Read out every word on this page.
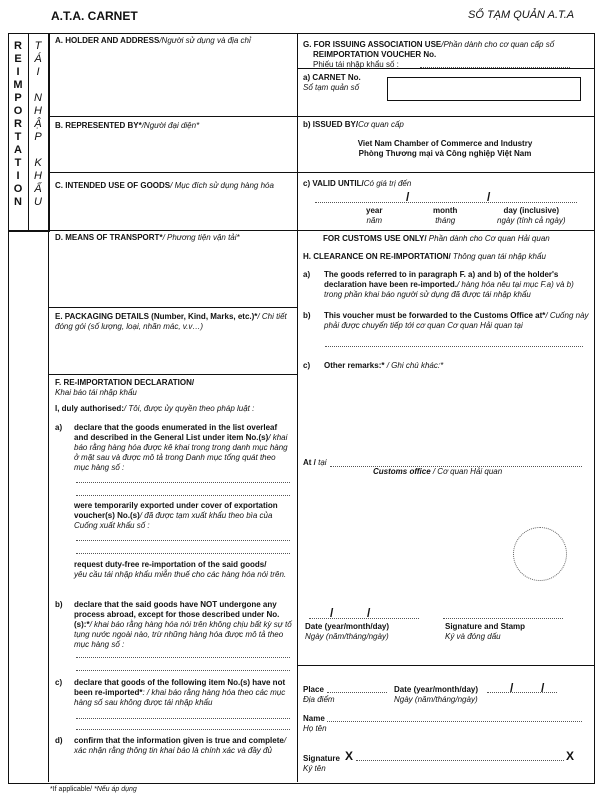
A.T.A. CARNET	SỔ TẠM QUẢN A.T.A
R
E
I
M
P
O
R
T
A
T
I
O
N
T
Á
I

N
H
Ậ
P

K
H
Ẩ
U
A. HOLDER AND ADDRESS/Người sử dụng và địa chỉ
B. REPRESENTED BY*/Người đại diện*
C. INTENDED USE OF GOODS/ Mục đích sử dụng hàng hóa
D. MEANS OF TRANSPORT*/ Phương tiện vận tải*
E. PACKAGING DETAILS (Number, Kind, Marks, etc.)*/ Chi tiết đóng gói (số lượng, loại, nhãn mác, v.v…)
F. RE-IMPORTATION DECLARATION/
Khai báo tái nhập khẩu
I, duly authorised:/ Tôi, được ủy quyền theo pháp luật :
a) declare that the goods enumerated in the list overleaf and described in the General List under item No.(s)/ khai báo rằng hàng hóa được kê khai trong trong danh mục hàng ở mặt sau và được mô tả trong Danh mục tổng quát theo mục hàng số :
were temporarily exported under cover of exportation voucher(s) No.(s)/ đã được tạm xuất khẩu theo bìa của Cuống xuất khẩu số :
request duty-free re-importation of the said goods/
yêu cầu tái nhập khẩu miễn thuế cho các hàng hóa nói trên.
b) declare that the said goods have NOT undergone any process abroad, except for those described under No.(s):*/ khai báo rằng hàng hóa nói trên không chịu bất kỳ sự tố tụng nước ngoài nào, trừ những hàng hóa được mô tả theo mục hàng số :
c) declare that goods of the following item No.(s) have not been re-imported*: / khai báo rằng hàng hóa theo các mục hàng số sau không được tái nhập khẩu
d) confirm that the information given is true and complete/ xác nhận rằng thông tin khai báo là chính xác và đầy đủ
G. FOR ISSUING ASSOCIATION USE/Phần dành cho cơ quan cấp sổ
REIMPORTATION VOUCHER No.
Phiếu tái nhập khẩu số :
a) CARNET No.
Sổ tạm quản số
b) ISSUED BY/Cơ quan cấp
Viet Nam Chamber of Commerce and Industry
Phòng Thương mại và Công nghiệp Việt Nam
c) VALID UNTIL/Có giá trị đến
/	/
year
năm
month
tháng
day (inclusive)
ngày (tính cả ngày)
FOR CUSTOMS USE ONLY/ Phần dành cho Cơ quan Hải quan
H. CLEARANCE ON RE-IMPORTATION/ Thông quan tái nhập khẩu
a) The goods referred to in paragraph F. a) and b) of the holder's declaration have been re-imported./ hàng hóa nêu tại mục F.a) và b) trong phần khai báo người sử dụng đã được tái nhập khẩu
b) This voucher must be forwarded to the Customs Office at*/ Cuống này phải được chuyển tiếp tới cơ quan Cơ quan Hải quan tại
c) Other remarks:* / Ghi chú khác:*
At / tại
Customs office / Cơ quan Hải quan
/	/
Date (year/month/day)
Ngày (năm/tháng/ngày)
Signature and Stamp
Ký và đóng dấu
Place
Địa điểm
Date (year/month/day)
Ngày (năm/tháng/ngày)
/ /
Name
Họ tên
Signature
Ký tên
X	X
*If applicable/ *Nếu áp dụng
